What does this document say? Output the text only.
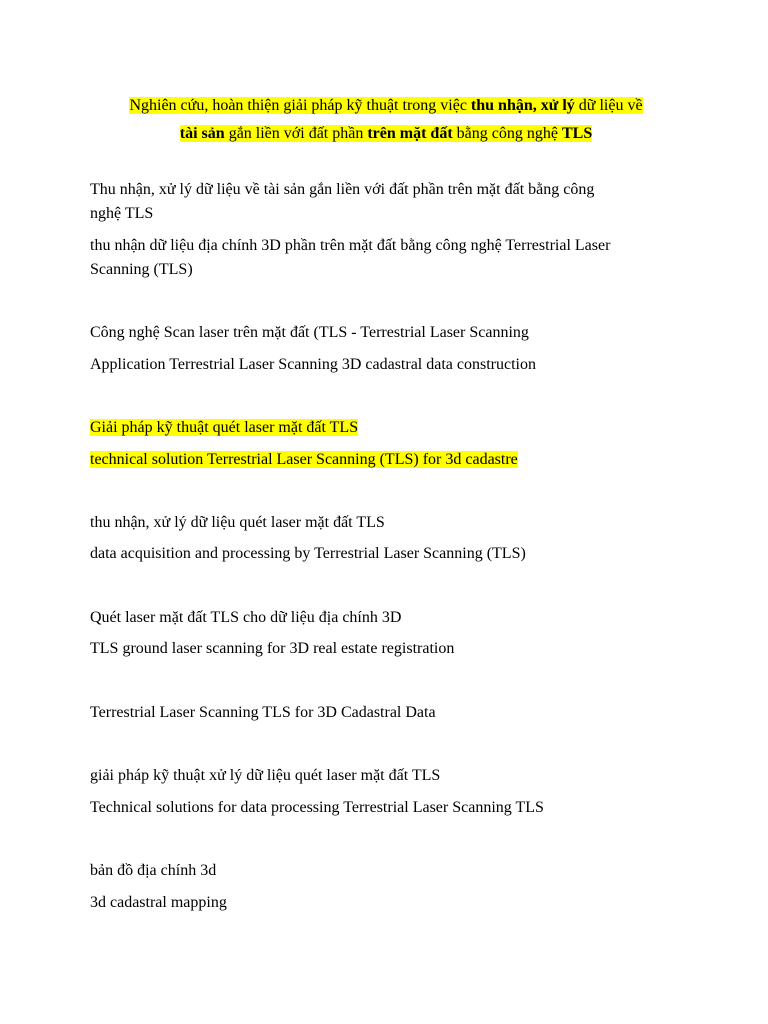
Nghiên cứu, hoàn thiện giải pháp kỹ thuật trong việc thu nhận, xử lý dữ liệu về
tài sản gắn liền với đất phần trên mặt đất bằng công nghệ TLS
Thu nhận, xử lý dữ liệu về tài sản gắn liền với đất phần trên mặt đất bằng công
nghệ TLS
thu nhận dữ liệu địa chính 3D phần trên mặt đất bằng công nghệ Terrestrial Laser
Scanning (TLS)
Công nghệ Scan laser trên mặt đất (TLS - Terrestrial Laser Scanning
Application Terrestrial Laser Scanning 3D cadastral data construction
Giải pháp kỹ thuật quét laser mặt đất TLS
technical solution Terrestrial Laser Scanning (TLS) for 3d cadastre
thu nhận, xử lý dữ liệu quét laser mặt đất TLS
data acquisition and processing by Terrestrial Laser Scanning (TLS)
Quét laser mặt đất TLS cho dữ liệu địa chính 3D
TLS ground laser scanning for 3D real estate registration
Terrestrial Laser Scanning TLS for 3D Cadastral Data
giải pháp kỹ thuật xử lý dữ liệu quét laser mặt đất TLS
Technical solutions for data processing Terrestrial Laser Scanning TLS
bản đồ địa chính 3d
3d cadastral mapping
